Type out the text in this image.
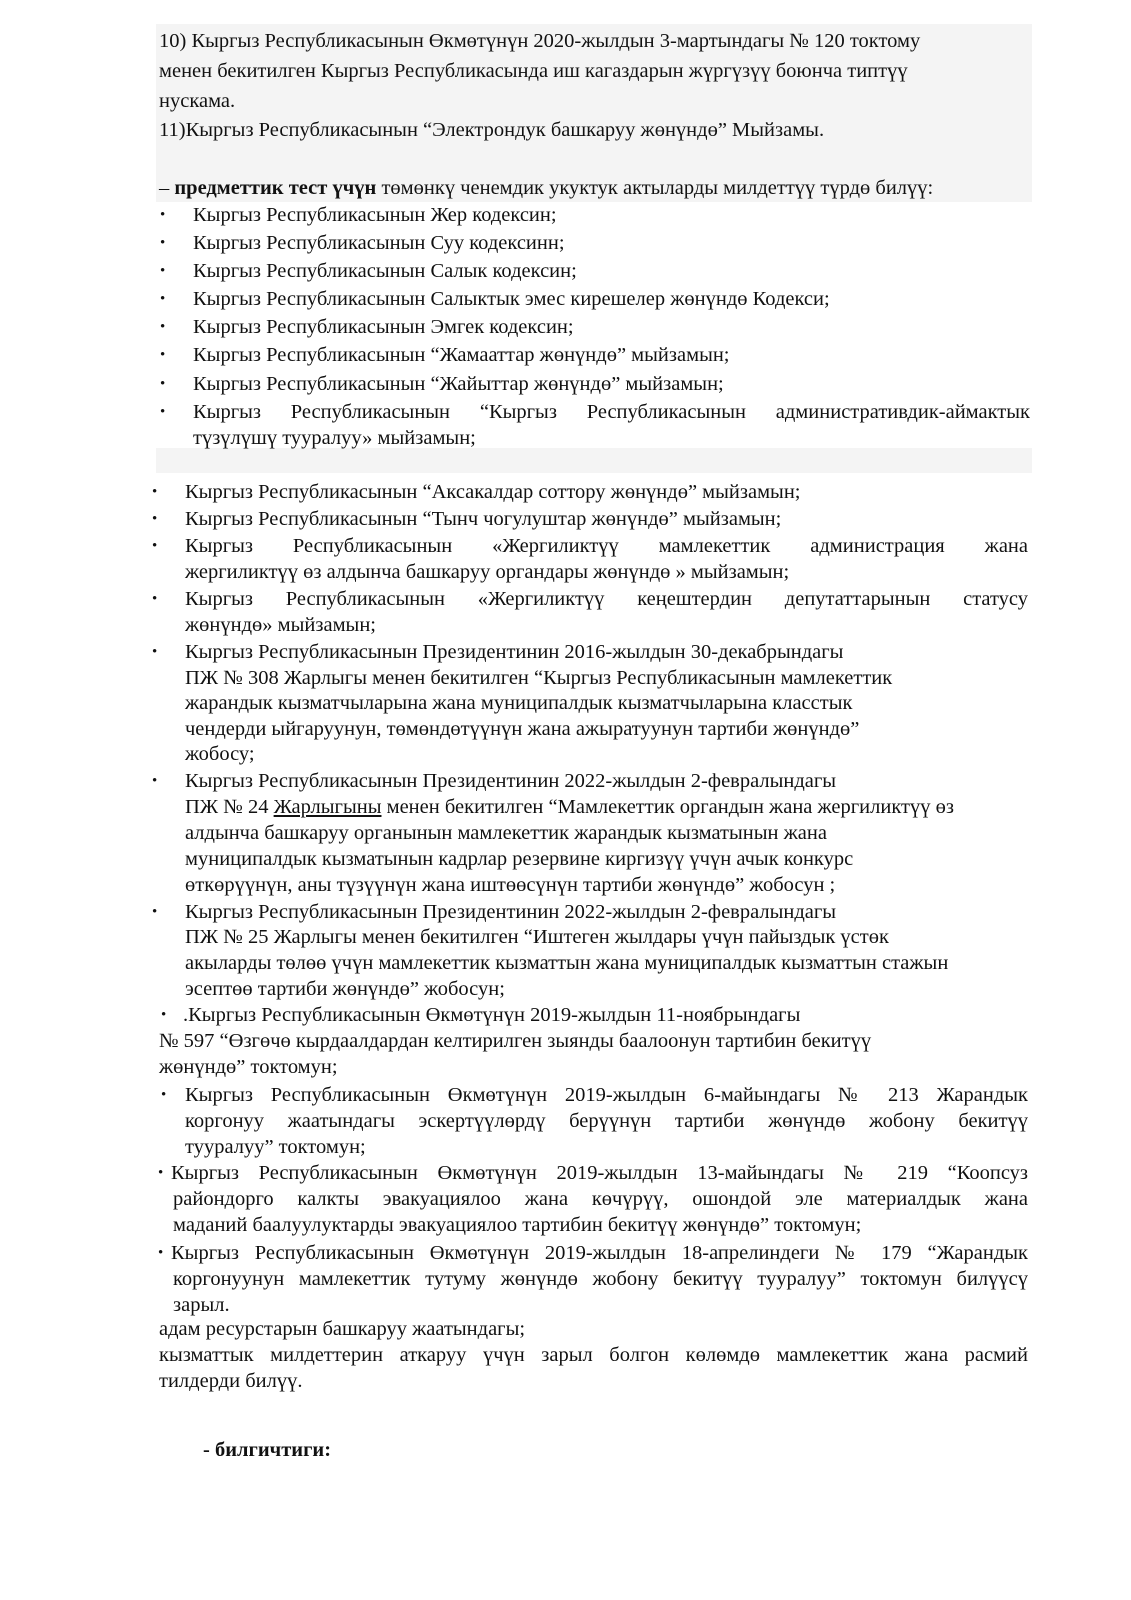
10) Кыргыз Республикасынын Өкмөтүнүн 2020-жылдын 3-мартындагы № 120 токтому
менен бекитилген Кыргыз Республикасында иш кагаздарын жүргүзүү боюнча типтүү
нускама.
11)Кыргыз Республикасынын “Электрондук башкаруу жөнүндө” Мыйзамы.
– предметтик тест үчүн төмөнкү ченемдик укуктук актыларды милдеттүү түрдө билүү:
• Кыргыз Республикасынын Жер кодексин;
• Кыргыз Республикасынын Суу кодексинн;
• Кыргыз Республикасынын Салык кодексин;
• Кыргыз Республикасынын Салыктык эмес кирешелер жөнүндө Кодекси;
• Кыргыз Республикасынын Эмгек кодексин;
• Кыргыз Республикасынын “Жамааттар жөнүндө” мыйзамын;
• Кыргыз Республикасынын “Жайыттар жөнүндө” мыйзамын;
• Кыргыз Республикасынын “Кыргыз Республикасынын административдик-аймактык
түзүлүшү тууралуу» мыйзамын;
• Кыргыз Республикасынын “Аксакалдар соттору жөнүндө” мыйзамын;
• Кыргыз Республикасынын “Тынч чогулуштар жөнүндө” мыйзамын;
• Кыргыз Республикасынын «Жергиликтүү мамлекеттик администрация жана
жергиликтүү өз алдынча башкаруу органдары жөнүндө » мыйзамын;
• Кыргыз Республикасынын «Жергиликтүү кеңештердин депутаттарынын статусу
жөнүндө» мыйзамын;
• Кыргыз Республикасынын Президентинин 2016-жылдын 30-декабрындагы
ПЖ № 308 Жарлыгы менен бекитилген “Кыргыз Республикасынын мамлекеттик
жарандык кызматчыларына жана муниципалдык кызматчыларына класстык
чендерди ыйгаруунун, төмөндөтүүнүн жана ажыратуунун тартиби жөнүндө”
жобосу;
• Кыргыз Республикасынын Президентинин 2022-жылдын 2-февралындагы
ПЖ № 24 Жарлыгыны менен бекитилген “Мамлекеттик органдын жана жергиликтүү өз
алдынча башкаруу органынын мамлекеттик жарандык кызматынын жана
муниципалдык кызматынын кадрлар резервине киргизүү үчүн ачык конкурс
өткөрүүнүн, аны түзүүнүн жана иштөөсүнүн тартиби жөнүндө” жобосун ;
• Кыргыз Республикасынын Президентинин 2022-жылдын 2-февралындагы
ПЖ № 25 Жарлыгы менен бекитилген “Иштеген жылдары үчүн пайыздык үстөк
акыларды төлөө үчүн мамлекеттик кызматтын жана муниципалдык кызматтын стажын
эсептөө тартиби жөнүндө” жобосун;
• .Кыргыз Республикасынын Өкмөтүнүн 2019-жылдын 11-ноябрындагы
№ 597 “Өзгөчө кырдаалдардан келтирилген зыянды баалоонун тартибин бекитүү
жөнүндө” токтомун;
• Кыргыз Республикасынын Өкмөтүнүн 2019-жылдын 6-майындагы № 213 Жарандык
коргонуу жаатындагы эскертүүлөрдү берүүнүн тартиби жөнүндө жобону бекитүү
тууралуу” токтомун;
• Кыргыз Республикасынын Өкмөтүнүн 2019-жылдын 13-майындагы № 219 “Коопсуз
райондорго калкты эвакуациялоо жана көчүрүү, ошондой эле материалдык жана
маданий баалуулуктарды эвакуациялоо тартибин бекитүү жөнүндө” токтомун;
• Кыргыз Республикасынын Өкмөтүнүн 2019-жылдын 18-апрелиндеги № 179 “Жарандык
коргонуунун мамлекеттик тутуму жөнүндө жобону бекитүү тууралуу” токтомун билүүсү
зарыл.
адам ресурстарын башкаруу жаатындагы;
кызматтык милдеттерин аткаруу үчүн зарыл болгон көлөмдө мамлекеттик жана расмий
тилдерди билүү.
- билгичтиги:
